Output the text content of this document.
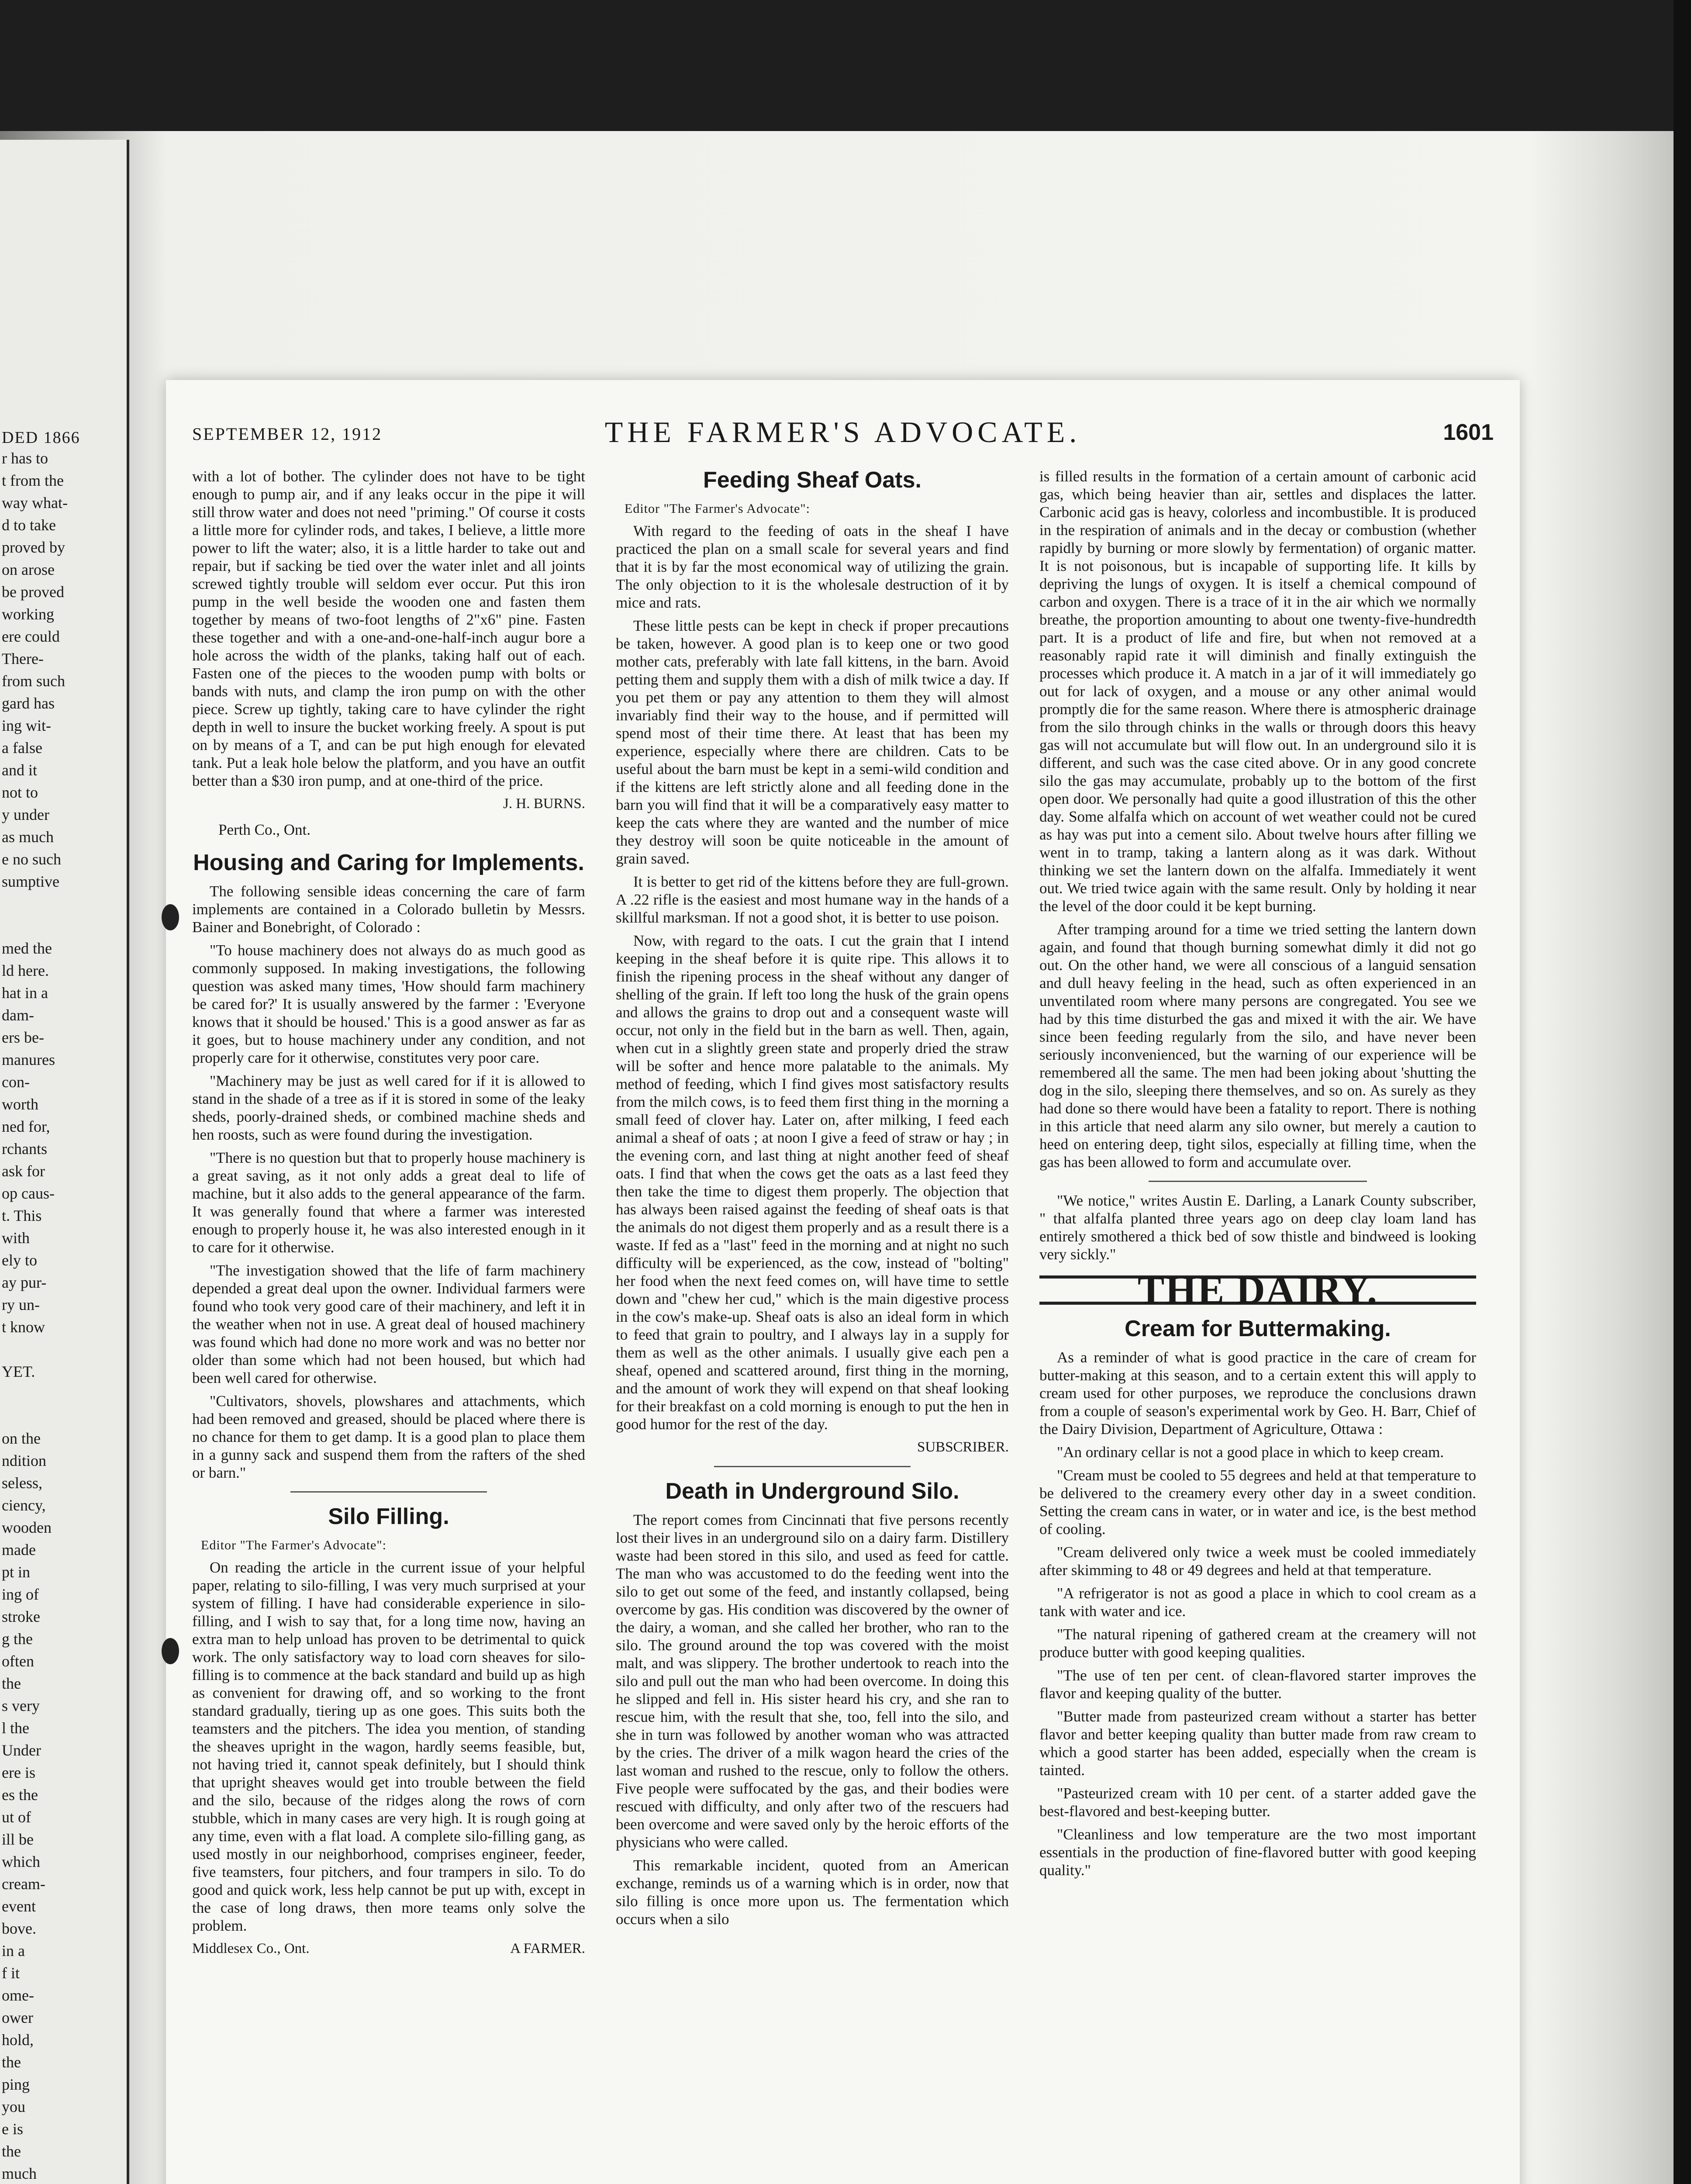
DED 1866
r has to
t from the
way what-
d to take
proved by
on arose
be proved
working
ere could
There-
from such
gard has
ing wit-
a false
and it
not to
y under
as much
e no such
sumptive

med the
ld here.
hat in a
dam-
ers be-
manures
con-
worth
ned for,
rchants
ask for
op caus-
t. This
with
ely to
ay pur-
ry un-
t know

YET.

on the
ndition
seless,
ciency,
wooden
made
pt in
ing of
stroke
g the
often
the
s very
l the
Under
ere is
es the
ut of
ill be
which
cream-
event
bove.
in a
f it
ome-
ower
hold,
the
ping
you
e is
the
much

SEPTEMBER 12, 1912	THE FARMER'S ADVOCATE.	1601

with a lot of bother. The cylinder does not have to be tight enough to pump air, and if any leaks occur in the pipe it will still throw water and does not need "priming." Of course it costs a little more for cylinder rods, and takes, I believe, a little more power to lift the water; also, it is a little harder to take out and repair, but if sacking be tied over the water inlet and all joints screwed tightly trouble will seldom ever occur. Put this iron pump in the well beside the wooden one and fasten them together by means of two-foot lengths of 2"x6" pine. Fasten these together and with a one-and-one-half-inch augur bore a hole across the width of the planks, taking half out of each. Fasten one of the pieces to the wooden pump with bolts or bands with nuts, and clamp the iron pump on with the other piece. Screw up tightly, taking care to have cylinder the right depth in well to insure the bucket working freely. A spout is put on by means of a T, and can be put high enough for elevated tank. Put a leak hole below the platform, and you have an outfit better than a $30 iron pump, and at one-third of the price.

J. H. BURNS.
Perth Co., Ont.
Housing and Caring for Implements.

The following sensible ideas concerning the care of farm implements are contained in a Colorado bulletin by Messrs. Bainer and Bonebright, of Colorado :

"To house machinery does not always do as much good as commonly supposed. In making investigations, the following question was asked many times, 'How should farm machinery be cared for?' It is usually answered by the farmer : 'Everyone knows that it should be housed.' This is a good answer as far as it goes, but to house machinery under any condition, and not properly care for it otherwise, constitutes very poor care.

"Machinery may be just as well cared for if it is allowed to stand in the shade of a tree as if it is stored in some of the leaky sheds, poorly-drained sheds, or combined machine sheds and hen roosts, such as were found during the investigation.

"There is no question but that to properly house machinery is a great saving, as it not only adds a great deal to life of machine, but it also adds to the general appearance of the farm. It was generally found that where a farmer was interested enough to properly house it, he was also interested enough in it to care for it otherwise.

"The investigation showed that the life of farm machinery depended a great deal upon the owner. Individual farmers were found who took very good care of their machinery, and left it in the weather when not in use. A great deal of housed machinery was found which had done no more work and was no better nor older than some which had not been housed, but which had been well cared for otherwise.

"Cultivators, shovels, plowshares and attachments, which had been removed and greased, should be placed where there is no chance for them to get damp. It is a good plan to place them in a gunny sack and suspend them from the rafters of the shed or barn."

Silo Filling.
Editor "The Farmer's Advocate":

On reading the article in the current issue of your helpful paper, relating to silo-filling, I was very much surprised at your system of filling. I have had considerable experience in silo-filling, and I wish to say that, for a long time now, having an extra man to help unload has proven to be detrimental to quick work. The only satisfactory way to load corn sheaves for silo-filling is to commence at the back standard and build up as high as convenient for drawing off, and so working to the front standard gradually, tiering up as one goes. This suits both the teamsters and the pitchers. The idea you mention, of standing the sheaves upright in the wagon, hardly seems feasible, but, not having tried it, cannot speak definitely, but I should think that upright sheaves would get into trouble between the field and the silo, because of the ridges along the rows of corn stubble, which in many cases are very high. It is rough going at any time, even with a flat load. A complete silo-filling gang, as used mostly in our neighborhood, comprises engineer, feeder, five teamsters, four pitchers, and four trampers in silo. To do good and quick work, less help cannot be put up with, except in the case of long draws, then more teams only solve the problem.

Middlesex Co., Ont.	A FARMER.
Feeding Sheaf Oats.
Editor "The Farmer's Advocate":

With regard to the feeding of oats in the sheaf I have practiced the plan on a small scale for several years and find that it is by far the most economical way of utilizing the grain. The only objection to it is the wholesale destruction of it by mice and rats.

These little pests can be kept in check if proper precautions be taken, however. A good plan is to keep one or two good mother cats, preferably with late fall kittens, in the barn. Avoid petting them and supply them with a dish of milk twice a day. If you pet them or pay any attention to them they will almost invariably find their way to the house, and if permitted will spend most of their time there. At least that has been my experience, especially where there are children. Cats to be useful about the barn must be kept in a semi-wild condition and if the kittens are left strictly alone and all feeding done in the barn you will find that it will be a comparatively easy matter to keep the cats where they are wanted and the number of mice they destroy will soon be quite noticeable in the amount of grain saved.

It is better to get rid of the kittens before they are full-grown. A .22 rifle is the easiest and most humane way in the hands of a skillful marksman. If not a good shot, it is better to use poison.

Now, with regard to the oats. I cut the grain that I intend keeping in the sheaf before it is quite ripe. This allows it to finish the ripening process in the sheaf without any danger of shelling of the grain. If left too long the husk of the grain opens and allows the grains to drop out and a consequent waste will occur, not only in the field but in the barn as well. Then, again, when cut in a slightly green state and properly dried the straw will be softer and hence more palatable to the animals. My method of feeding, which I find gives most satisfactory results from the milch cows, is to feed them first thing in the morning a small feed of clover hay. Later on, after milking, I feed each animal a sheaf of oats ; at noon I give a feed of straw or hay ; in the evening corn, and last thing at night another feed of sheaf oats. I find that when the cows get the oats as a last feed they then take the time to digest them properly. The objection that has always been raised against the feeding of sheaf oats is that the animals do not digest them properly and as a result there is a waste. If fed as a "last" feed in the morning and at night no such difficulty will be experienced, as the cow, instead of "bolting" her food when the next feed comes on, will have time to settle down and "chew her cud," which is the main digestive process in the cow's make-up. Sheaf oats is also an ideal form in which to feed that grain to poultry, and I always lay in a supply for them as well as the other animals. I usually give each pen a sheaf, opened and scattered around, first thing in the morning, and the amount of work they will expend on that sheaf looking for their breakfast on a cold morning is enough to put the hen in good humor for the rest of the day.

SUBSCRIBER.
Death in Underground Silo.

The report comes from Cincinnati that five persons recently lost their lives in an underground silo on a dairy farm. Distillery waste had been stored in this silo, and used as feed for cattle. The man who was accustomed to do the feeding went into the silo to get out some of the feed, and instantly collapsed, being overcome by gas. His condition was discovered by the owner of the dairy, a woman, and she called her brother, who ran to the silo. The ground around the top was covered with the moist malt, and was slippery. The brother undertook to reach into the silo and pull out the man who had been overcome. In doing this he slipped and fell in. His sister heard his cry, and she ran to rescue him, with the result that she, too, fell into the silo, and she in turn was followed by another woman who was attracted by the cries. The driver of a milk wagon heard the cries of the last woman and rushed to the rescue, only to follow the others. Five people were suffocated by the gas, and their bodies were rescued with difficulty, and only after two of the rescuers had been overcome and were saved only by the heroic efforts of the physicians who were called.

This remarkable incident, quoted from an American exchange, reminds us of a warning which is in order, now that silo filling is once more upon us. The fermentation which occurs when a silo

is filled results in the formation of a certain amount of carbonic acid gas, which being heavier than air, settles and displaces the latter. Carbonic acid gas is heavy, colorless and incombustible. It is produced in the respiration of animals and in the decay or combustion (whether rapidly by burning or more slowly by fermentation) of organic matter. It is not poisonous, but is incapable of supporting life. It kills by depriving the lungs of oxygen. It is itself a chemical compound of carbon and oxygen. There is a trace of it in the air which we normally breathe, the proportion amounting to about one twenty-five-hundredth part. It is a product of life and fire, but when not removed at a reasonably rapid rate it will diminish and finally extinguish the processes which produce it. A match in a jar of it will immediately go out for lack of oxygen, and a mouse or any other animal would promptly die for the same reason. Where there is atmospheric drainage from the silo through chinks in the walls or through doors this heavy gas will not accumulate but will flow out. In an underground silo it is different, and such was the case cited above. Or in any good concrete silo the gas may accumulate, probably up to the bottom of the first open door. We personally had quite a good illustration of this the other day. Some alfalfa which on account of wet weather could not be cured as hay was put into a cement silo. About twelve hours after filling we went in to tramp, taking a lantern along as it was dark. Without thinking we set the lantern down on the alfalfa. Immediately it went out. We tried twice again with the same result. Only by holding it near the level of the door could it be kept burning.

After tramping around for a time we tried setting the lantern down again, and found that though burning somewhat dimly it did not go out. On the other hand, we were all conscious of a languid sensation and dull heavy feeling in the head, such as often experienced in an unventilated room where many persons are congregated. You see we had by this time disturbed the gas and mixed it with the air. We have since been feeding regularly from the silo, and have never been seriously inconvenienced, but the warning of our experience will be remembered all the same. The men had been joking about 'shutting the dog in the silo, sleeping there themselves, and so on. As surely as they had done so there would have been a fatality to report. There is nothing in this article that need alarm any silo owner, but merely a caution to heed on entering deep, tight silos, especially at filling time, when the gas has been allowed to form and accumulate over.

"We notice," writes Austin E. Darling, a Lanark County subscriber, " that alfalfa planted three years ago on deep clay loam land has entirely smothered a thick bed of sow thistle and bindweed is looking very sickly."

THE DAIRY.
Cream for Buttermaking.

As a reminder of what is good practice in the care of cream for butter-making at this season, and to a certain extent this will apply to cream used for other purposes, we reproduce the conclusions drawn from a couple of season's experimental work by Geo. H. Barr, Chief of the Dairy Division, Department of Agriculture, Ottawa :

"An ordinary cellar is not a good place in which to keep cream.

"Cream must be cooled to 55 degrees and held at that temperature to be delivered to the creamery every other day in a sweet condition. Setting the cream cans in water, or in water and ice, is the best method of cooling.

"Cream delivered only twice a week must be cooled immediately after skimming to 48 or 49 degrees and held at that temperature.

"A refrigerator is not as good a place in which to cool cream as a tank with water and ice.

"The natural ripening of gathered cream at the creamery will not produce butter with good keeping qualities.

"The use of ten per cent. of clean-flavored starter improves the flavor and keeping quality of the butter.

"Butter made from pasteurized cream without a starter has better flavor and better keeping quality than butter made from raw cream to which a good starter has been added, especially when the cream is tainted.

"Pasteurized cream with 10 per cent. of a starter added gave the best-flavored and best-keeping butter.

"Cleanliness and low temperature are the two most important essentials in the production of fine-flavored butter with good keeping quality."
